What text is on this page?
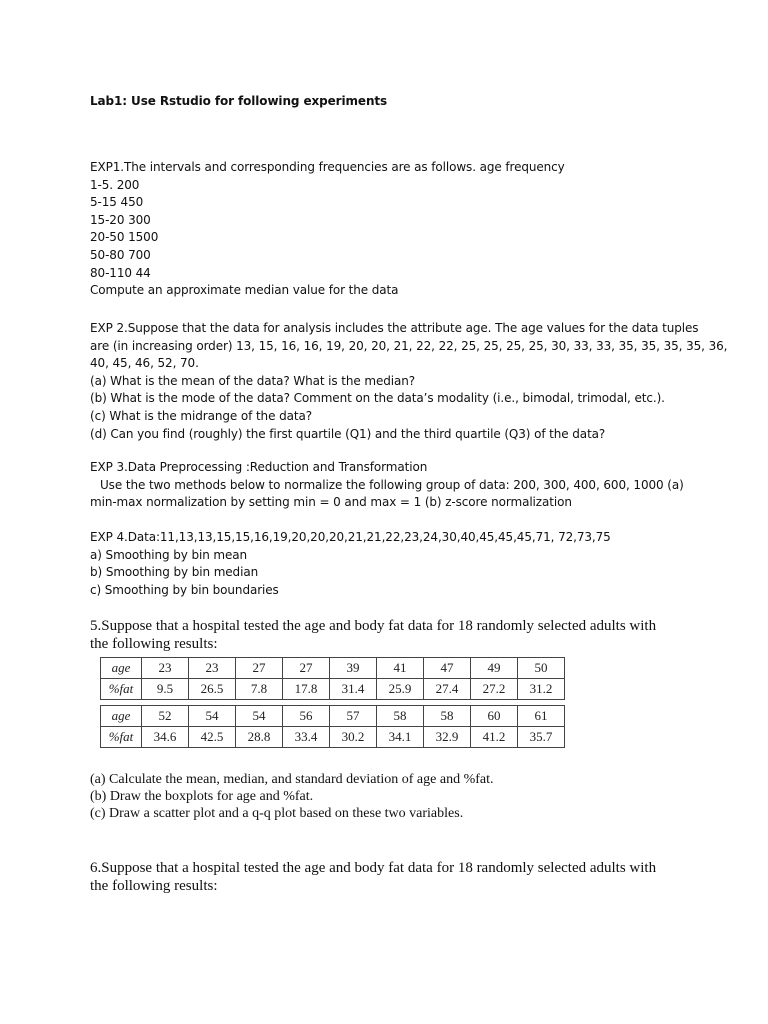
Lab1: Use Rstudio for following experiments
EXP1.The intervals and corresponding frequencies are as follows. age frequency
1-5. 200
5-15 450
15-20 300
20-50 1500
50-80 700
80-110 44
Compute an approximate median value for the data
EXP 2.Suppose that the data for analysis includes the attribute age. The age values for the data tuples
are (in increasing order) 13, 15, 16, 16, 19, 20, 20, 21, 22, 22, 25, 25, 25, 25, 30, 33, 33, 35, 35, 35, 35, 36,
40, 45, 46, 52, 70.
(a) What is the mean of the data? What is the median?
(b) What is the mode of the data? Comment on the data’s modality (i.e., bimodal, trimodal, etc.).
(c) What is the midrange of the data?
(d) Can you find (roughly) the first quartile (Q1) and the third quartile (Q3) of the data?
EXP 3.Data Preprocessing :Reduction and Transformation
Use the two methods below to normalize the following group of data: 200, 300, 400, 600, 1000 (a)
min-max normalization by setting min = 0 and max = 1 (b) z-score normalization
EXP 4.Data:11,13,13,15,15,16,19,20,20,20,21,21,22,23,24,30,40,45,45,45,71, 72,73,75
a) Smoothing by bin mean
b) Smoothing by bin median
c) Smoothing by bin boundaries
5.Suppose that a hospital tested the age and body fat data for 18 randomly selected adults with
the following results:
age	23	23	27	27	39	41	47	49	50
%fat	9.5	26.5	7.8	17.8	31.4	25.9	27.4	27.2	31.2
age	52	54	54	56	57	58	58	60	61
%fat	34.6	42.5	28.8	33.4	30.2	34.1	32.9	41.2	35.7
(a) Calculate the mean, median, and standard deviation of age and %fat.
(b) Draw the boxplots for age and %fat.
(c) Draw a scatter plot and a q-q plot based on these two variables.
6.Suppose that a hospital tested the age and body fat data for 18 randomly selected adults with
the following results:
